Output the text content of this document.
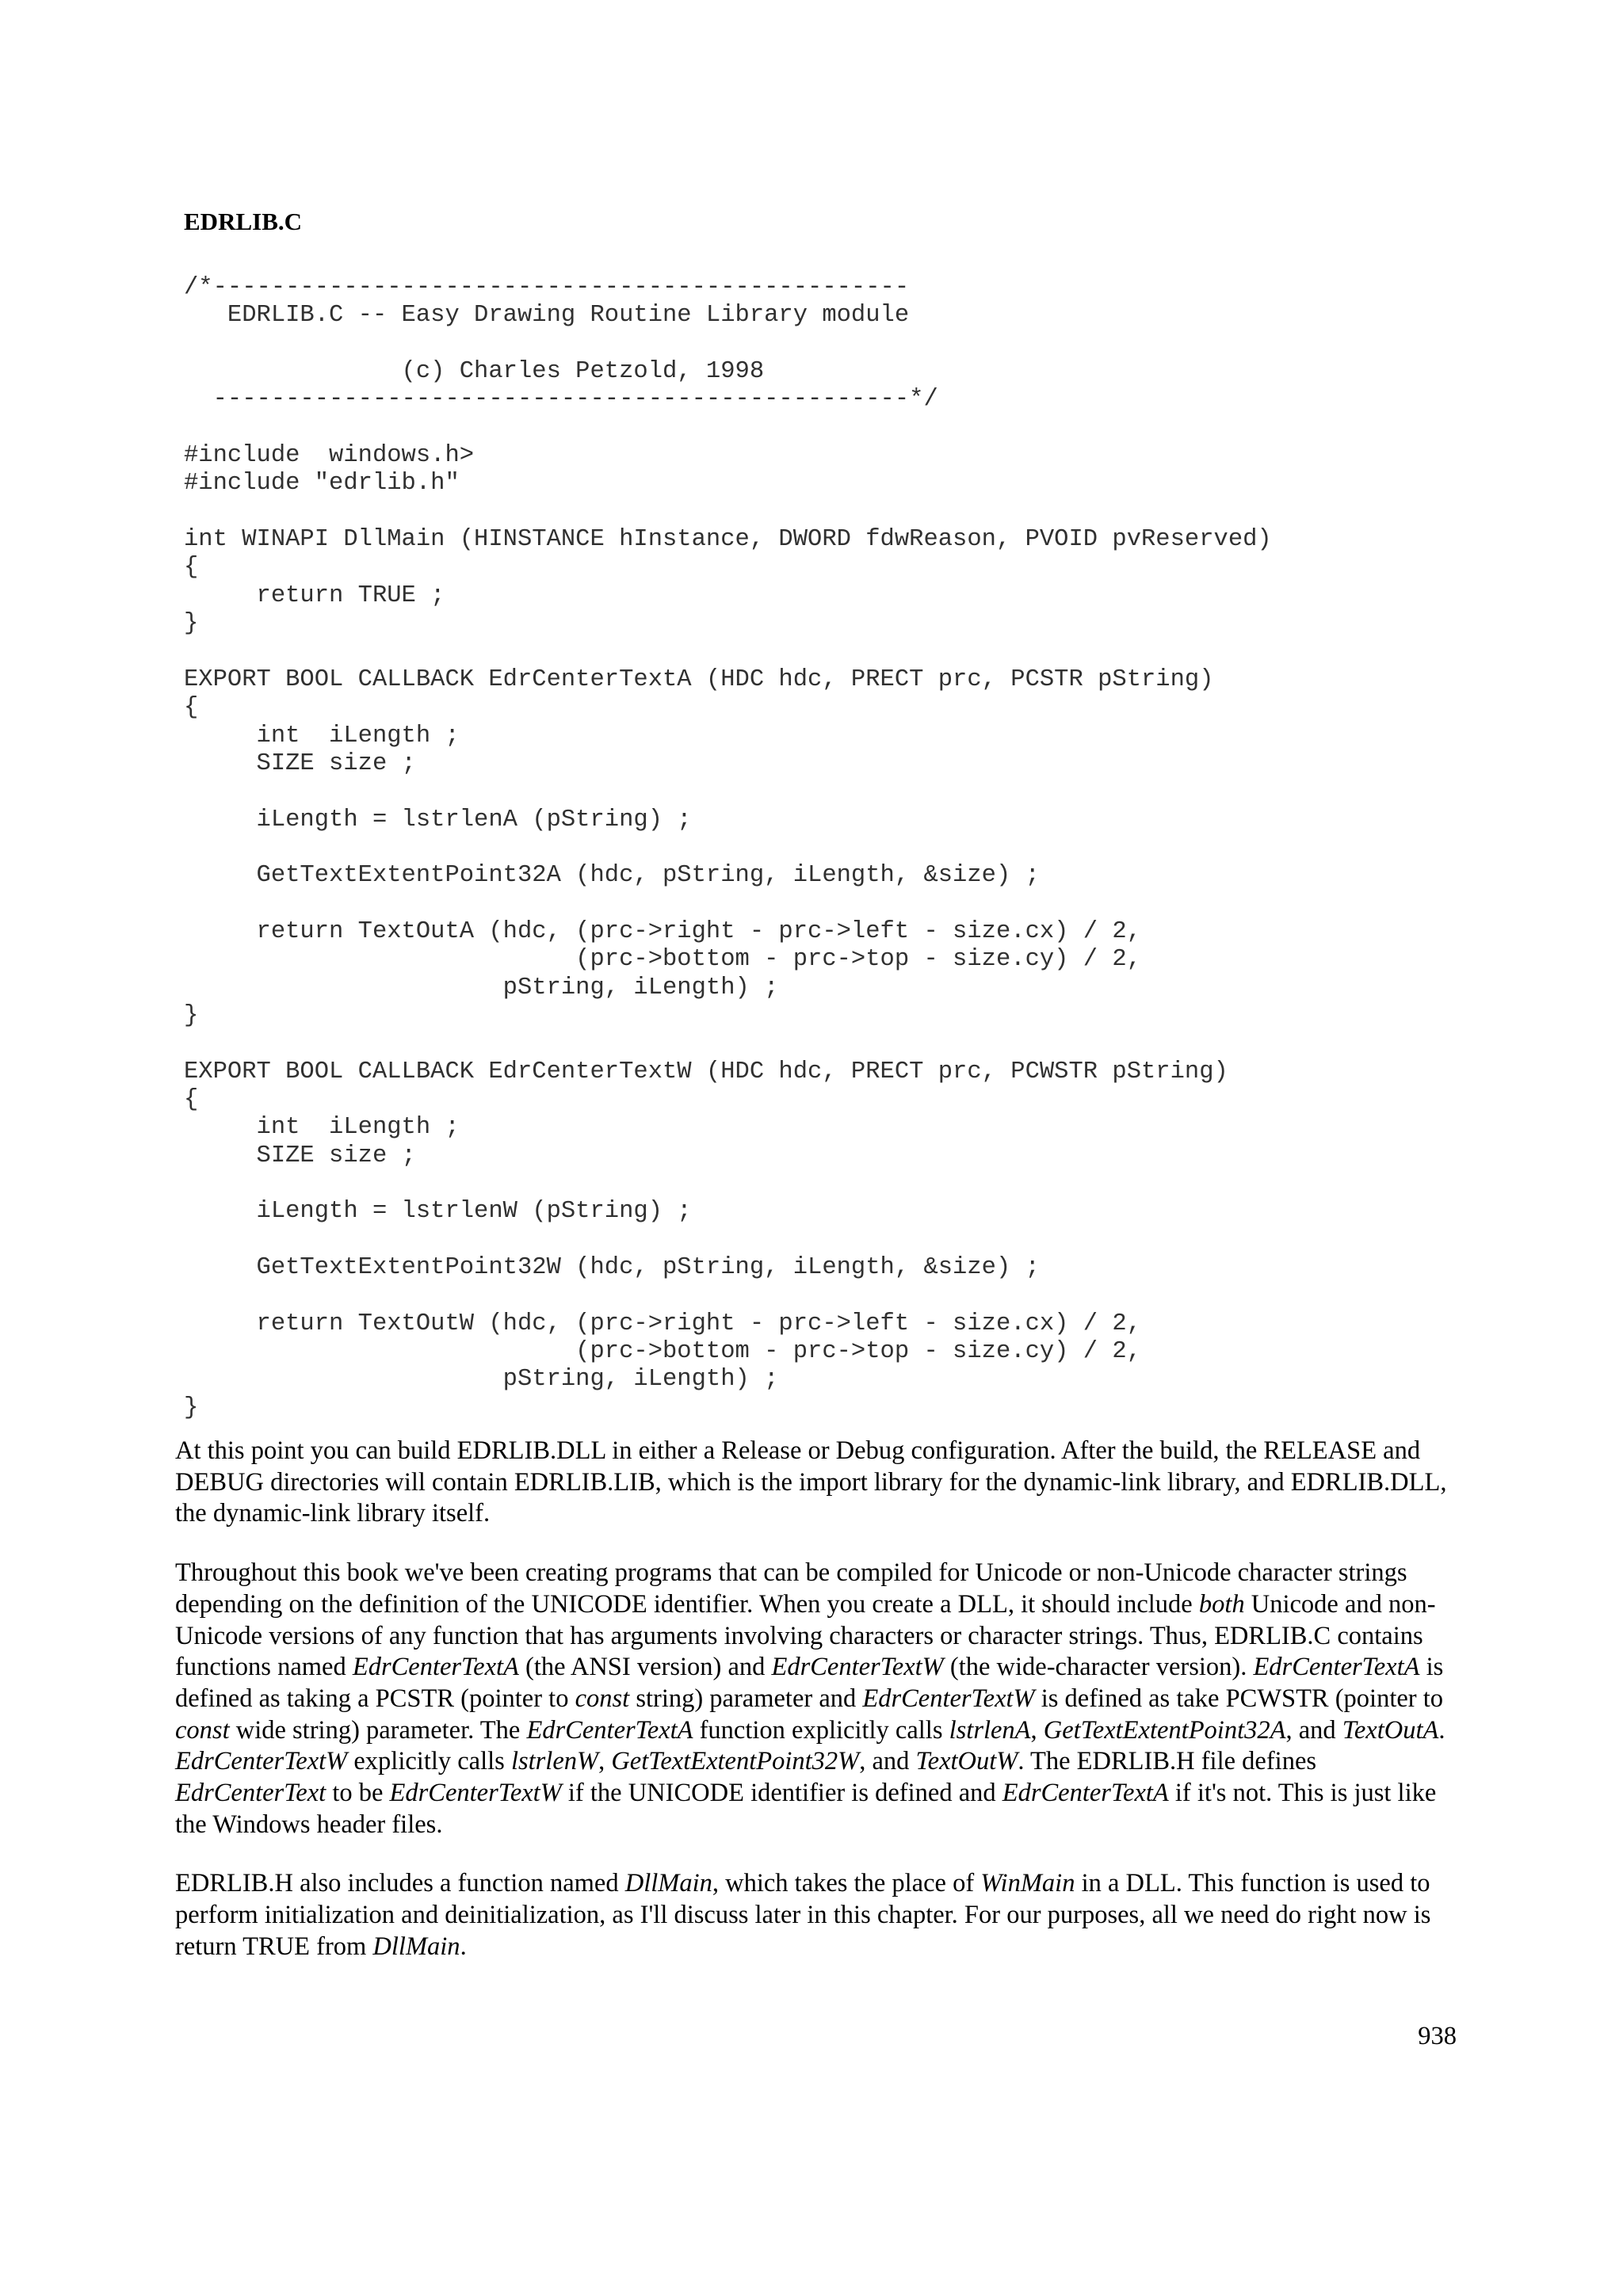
EDRLIB.C
/*------------------------------------------------
EDRLIB.C -- Easy Drawing Routine Library module
(c) Charles Petzold, 1998
------------------------------------------------*/
#include  windows.h>
#include "edrlib.h"
int WINAPI DllMain (HINSTANCE hInstance, DWORD fdwReason, PVOID pvReserved)
{
return TRUE ;
}
EXPORT BOOL CALLBACK EdrCenterTextA (HDC hdc, PRECT prc, PCSTR pString)
{
int  iLength ;
SIZE size ;
iLength = lstrlenA (pString) ;
GetTextExtentPoint32A (hdc, pString, iLength, &size) ;
return TextOutA (hdc, (prc->right - prc->left - size.cx) / 2,
(prc->bottom - prc->top - size.cy) / 2,
pString, iLength) ;
}
EXPORT BOOL CALLBACK EdrCenterTextW (HDC hdc, PRECT prc, PCWSTR pString)
{
int  iLength ;
SIZE size ;
iLength = lstrlenW (pString) ;
GetTextExtentPoint32W (hdc, pString, iLength, &size) ;
return TextOutW (hdc, (prc->right - prc->left - size.cx) / 2,
(prc->bottom - prc->top - size.cy) / 2,
pString, iLength) ;
}

At this point you can build EDRLIB.DLL in either a Release or Debug configuration. After the build, the RELEASE and DEBUG directories will contain EDRLIB.LIB, which is the import library for the dynamic-link library, and EDRLIB.DLL, the dynamic-link library itself.

Throughout this book we've been creating programs that can be compiled for Unicode or non-Unicode character strings depending on the definition of the UNICODE identifier. When you create a DLL, it should include both Unicode and non-Unicode versions of any function that has arguments involving characters or character strings. Thus, EDRLIB.C contains functions named EdrCenterTextA (the ANSI version) and EdrCenterTextW (the wide-character version). EdrCenterTextA is defined as taking a PCSTR (pointer to const string) parameter and EdrCenterTextW is defined as take PCWSTR (pointer to const wide string) parameter. The EdrCenterTextA function explicitly calls lstrlenA, GetTextExtentPoint32A, and TextOutA. EdrCenterTextW explicitly calls lstrlenW, GetTextExtentPoint32W, and TextOutW. The EDRLIB.H file defines EdrCenterText to be EdrCenterTextW if the UNICODE identifier is defined and EdrCenterTextA if it's not. This is just like the Windows header files.

EDRLIB.H also includes a function named DllMain, which takes the place of WinMain in a DLL. This function is used to perform initialization and deinitialization, as I'll discuss later in this chapter. For our purposes, all we need do right now is return TRUE from DllMain.

938
